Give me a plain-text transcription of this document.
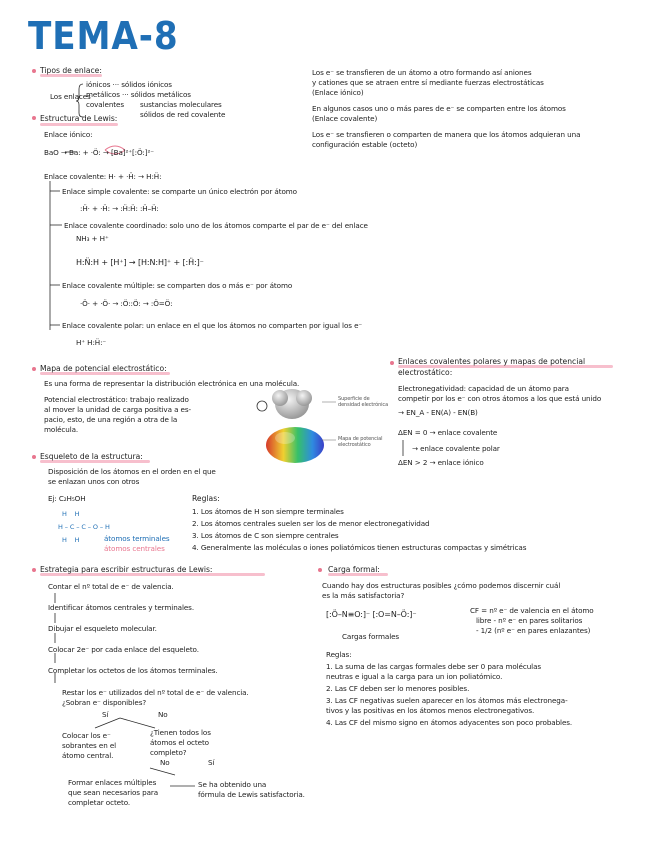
TEMA-8
Tipos de enlace:
Los enlaces
iónicos ··· sólidos iónicos
metálicos ··· sólidos metálicos
covalentes sustancias moleculares
sólidos de red covalente
Estructura de Lewis:
Enlace iónico:
BaO → Ba: + ·Ö: → [Ba]²⁺[:Ö:]²⁻
Enlace covalente: H· + ·Ḧ: → H:Ḧ:
Enlace simple covalente: se comparte un único electrón por átomo
:Ḧ· + ·Ḧ: → :Ḧ:Ḧ: :Ḧ–Ḧ:
Enlace covalente coordinado: solo uno de los átomos comparte el par de e⁻ del enlace
NH₃ + H⁺
H:N̈:H + [H⁺] → [H:N:H]⁺ + [:Ḧ:]⁻
Enlace covalente múltiple: se comparten dos o más e⁻ por átomo
·Ö· + ·Ö· → :Ö::Ö: → :Ö=Ö:
Enlace covalente polar: un enlace en el que los átomos no comparten por igual los e⁻
H⁺ H:Ḧ:⁻
Mapa de potencial electrostático:
Es una forma de representar la distribución electrónica en una molécula.
Potencial electrostático: trabajo realizado
al mover la unidad de carga positiva a es-
pacio, esto, de una región a otra de la
molécula.
Superficie de
densidad electrónica
Mapa de potencial
electrostático
Esqueleto de la estructura:
Disposición de los átomos en el orden en el que
se enlazan unos con otros
Ej: C₂H₅OH
H    H
H – C – C – O – H
H    H	átomos terminales
átomos centrales
Estrategia para escribir estructuras de Lewis:
Contar el nº total de e⁻ de valencia.
Identificar átomos centrales y terminales.
Dibujar el esqueleto molecular.
Colocar 2e⁻ por cada enlace del esqueleto.
Completar los octetos de los átomos terminales.
Restar los e⁻ utilizados del nº total de e⁻ de valencia.
¿Sobran e⁻ disponibles?
Sí	No
Colocar los e⁻
sobrantes en el
átomo central.
¿Tienen todos los
átomos el octeto
completo?
No	Sí
Formar enlaces múltiples
que sean necesarios para
completar octeto.
Se ha obtenido una
fórmula de Lewis satisfactoria.
Los e⁻ se transfieren de un átomo a otro formando así aniones
y cationes que se atraen entre sí mediante fuerzas electrostáticas
(Enlace iónico)
En algunos casos uno o más pares de e⁻ se comparten entre los átomos
(Enlace covalente)
Los e⁻ se transfieren o comparten de manera que los átomos adquieran una
configuración estable (octeto)
Enlaces covalentes polares y mapas de potencial
electrostático:
Electronegatividad: capacidad de un átomo para
competir por los e⁻ con otros átomos a los que está unido
→ EN_A - EN(A) - EN(B)
ΔEN = 0 → enlace covalente
→ enlace covalente polar
ΔEN > 2 → enlace iónico
Reglas:
1. Los átomos de H son siempre terminales
2. Los átomos centrales suelen ser los de menor electronegatividad
3. Los átomos de C son siempre centrales
4. Generalmente las moléculas o iones poliatómicos tienen estructuras compactas y simétricas
Carga formal:
Cuando hay dos estructuras posibles ¿cómo podemos discernir cuál
es la más satisfactoria?
[:Ö–N≡O:]⁻ [:O=N–Ö:]⁻
Cargas formales
CF = nº e⁻ de valencia en el átomo
libre - nº e⁻ en pares solitarios
- 1/2 (nº e⁻ en pares enlazantes)
Reglas:
1. La suma de las cargas formales debe ser 0 para moléculas
neutras e igual a la carga para un ion poliatómico.
2. Las CF deben ser lo menores posibles.
3. Las CF negativas suelen aparecer en los átomos más electronega-
tivos y las positivas en los átomos menos electronegativos.
4. Las CF del mismo signo en átomos adyacentes son poco probables.
